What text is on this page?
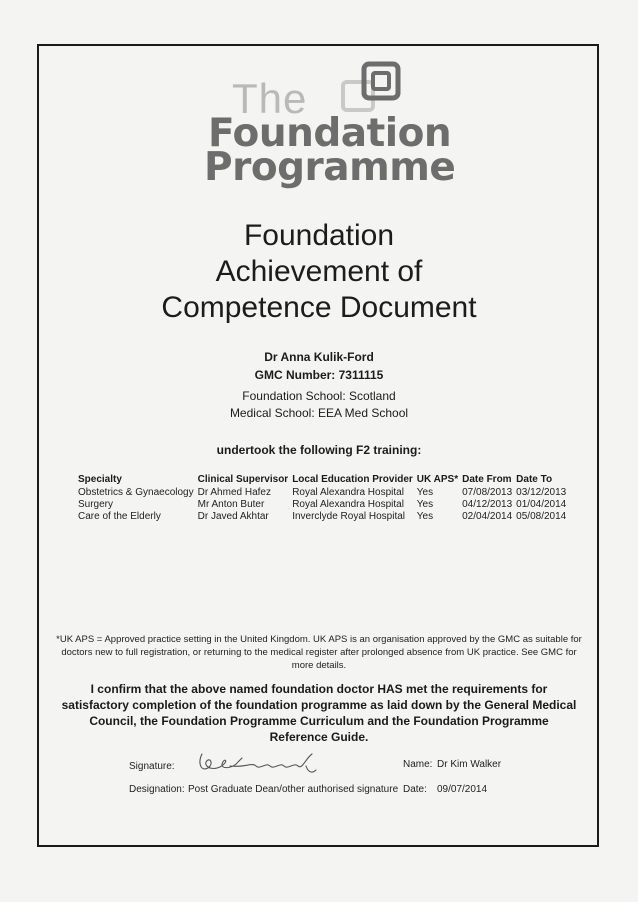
The
Foundation
Programme
Foundation
Achievement of
Competence Document
Dr Anna Kulik-Ford
GMC Number: 7311115
Foundation School: Scotland
Medical School: EEA Med School
undertook the following F2 training:
Specialty	Clinical Supervisor	Local Education Provider	UK APS*	Date From	Date To
Obstetrics & Gynaecology	Dr Ahmed Hafez	Royal Alexandra Hospital	Yes	07/08/2013	03/12/2013
Surgery	Mr Anton Buter	Royal Alexandra Hospital	Yes	04/12/2013	01/04/2014
Care of the Elderly	Dr Javed Akhtar	Inverclyde Royal Hospital	Yes	02/04/2014	05/08/2014
*UK APS = Approved practice setting in the United Kingdom. UK APS is an organisation approved by the GMC as suitable for doctors new to full registration, or returning to the medical register after prolonged absence from UK practice. See GMC for more details.
I confirm that the above named foundation doctor HAS met the requirements for satisfactory completion of the foundation programme as laid down by the General Medical Council, the Foundation Programme Curriculum and the Foundation Programme Reference Guide.
Signature:	Name: Dr Kim Walker
Designation: Post Graduate Dean/other authorised signature Date: 09/07/2014
